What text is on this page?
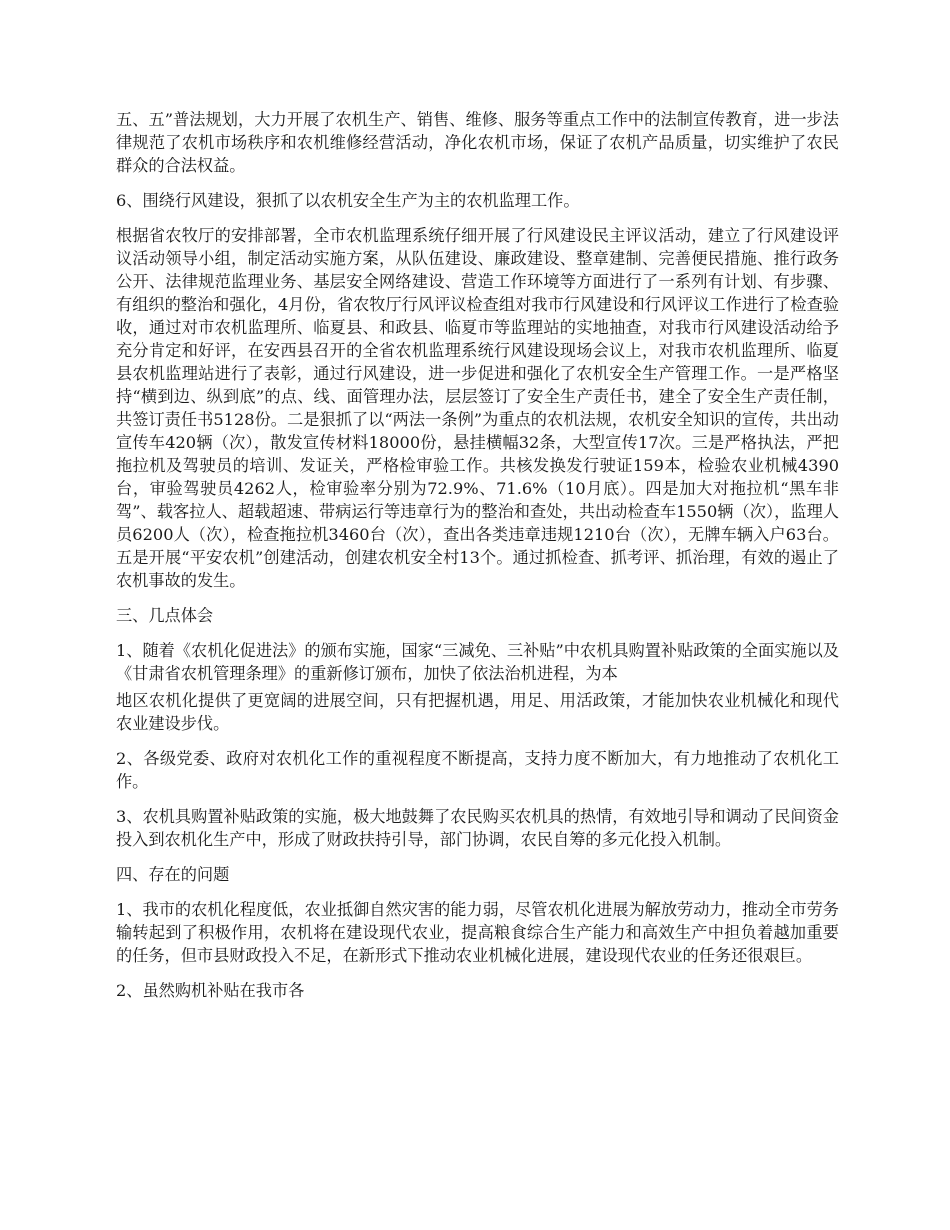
五、五”普法规划，大力开展了农机生产、销售、维修、服务等重点工作中的法制宣传教育，进一步法律规范了农机市场秩序和农机维修经营活动，净化农机市场，保证了农机产品质量，切实维护了农民群众的合法权益。

6、围绕行风建设，狠抓了以农机安全生产为主的农机监理工作。

根据省农牧厅的安排部署，全市农机监理系统仔细开展了行风建设民主评议活动，建立了行风建设评议活动领导小组，制定活动实施方案，从队伍建设、廉政建设、整章建制、完善便民措施、推行政务公开、法律规范监理业务、基层安全网络建设、营造工作环境等方面进行了一系列有计划、有步骤、有组织的整治和强化，4月份，省农牧厅行风评议检查组对我市行风建设和行风评议工作进行了检查验收，通过对市农机监理所、临夏县、和政县、临夏市等监理站的实地抽查，对我市行风建设活动给予充分肯定和好评，在安西县召开的全省农机监理系统行风建设现场会议上，对我市农机监理所、临夏县农机监理站进行了表彰，通过行风建设，进一步促进和强化了农机安全生产管理工作。一是严格坚持“横到边、纵到底”的点、线、面管理办法，层层签订了安全生产责任书，建全了安全生产责任制，共签订责任书5128份。二是狠抓了以“两法一条例”为重点的农机法规，农机安全知识的宣传，共出动宣传车420辆（次），散发宣传材料18000份，悬挂横幅32条，大型宣传17次。三是严格执法，严把拖拉机及驾驶员的培训、发证关，严格检审验工作。共核发换发行驶证159本，检验农业机械4390台，审验驾驶员4262人，检审验率分别为72.9%、71.6%（10月底）。四是加大对拖拉机“黑车非驾”、载客拉人、超载超速、带病运行等违章行为的整治和查处，共出动检查车1550辆（次），监理人员6200人（次），检查拖拉机3460台（次），查出各类违章违规1210台（次），无牌车辆入户63台。五是开展“平安农机”创建活动，创建农机安全村13个。通过抓检查、抓考评、抓治理，有效的遏止了农机事故的发生。

三、几点体会

1、随着《农机化促进法》的颁布实施，国家“三减免、三补贴”中农机具购置补贴政策的全面实施以及《甘肃省农机管理条理》的重新修订颁布，加快了依法治机进程，为本

地区农机化提供了更宽阔的进展空间，只有把握机遇，用足、用活政策，才能加快农业机械化和现代农业建设步伐。

2、各级党委、政府对农机化工作的重视程度不断提高，支持力度不断加大，有力地推动了农机化工作。

3、农机具购置补贴政策的实施，极大地鼓舞了农民购买农机具的热情，有效地引导和调动了民间资金投入到农机化生产中，形成了财政扶持引导，部门协调，农民自筹的多元化投入机制。

四、存在的问题

1、我市的农机化程度低，农业抵御自然灾害的能力弱，尽管农机化进展为解放劳动力，推动全市劳务输转起到了积极作用，农机将在建设现代农业，提高粮食综合生产能力和高效生产中担负着越加重要的任务，但市县财政投入不足，在新形式下推动农业机械化进展，建设现代农业的任务还很艰巨。

2、虽然购机补贴在我市各
